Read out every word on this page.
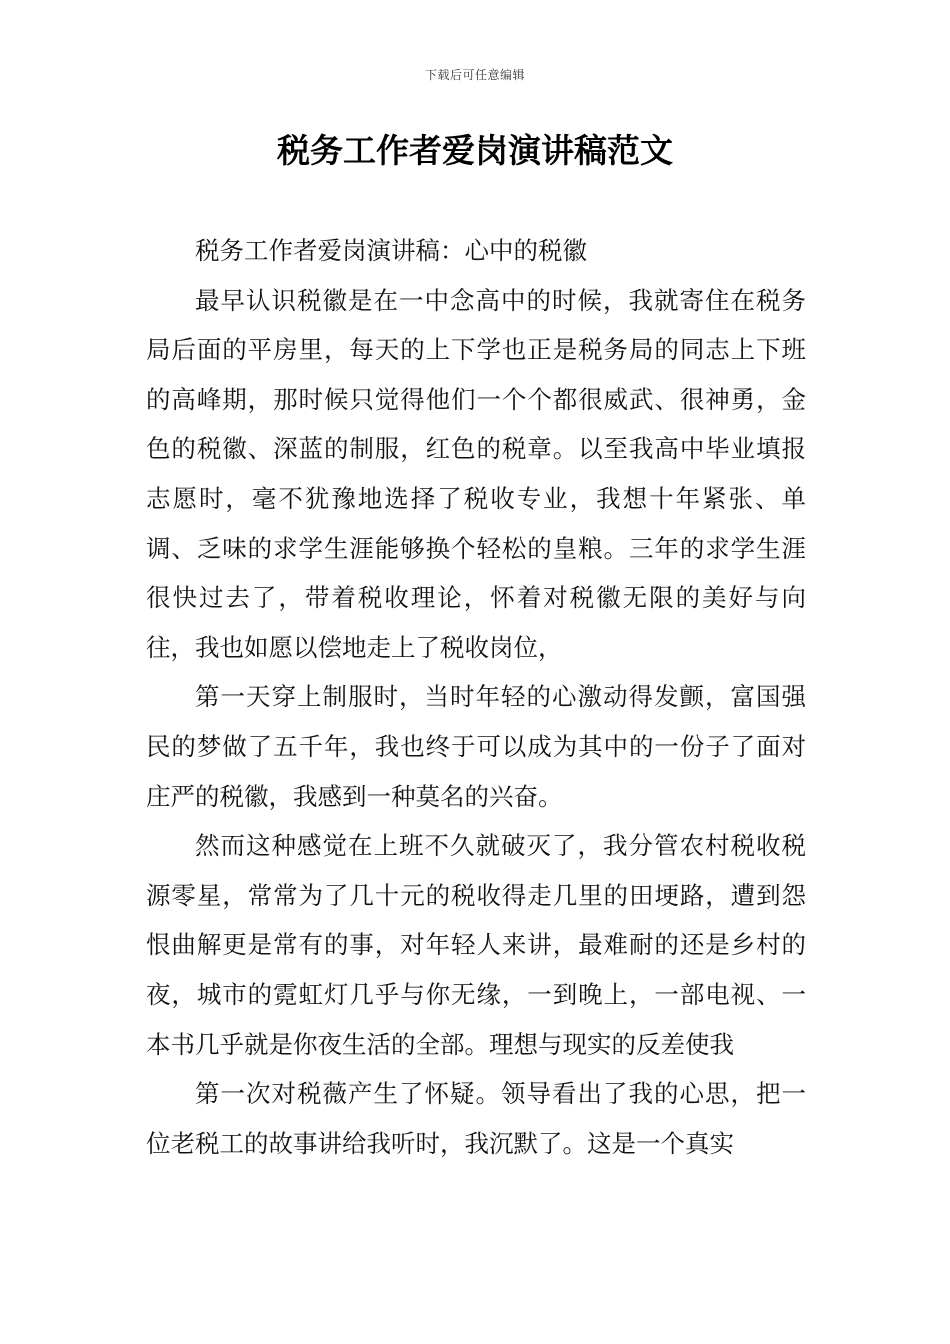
下载后可任意编辑
税务工作者爱岗演讲稿范文

税务工作者爱岗演讲稿：心中的税徽

最早认识税徽是在一中念高中的时候，我就寄住在税务局后面的平房里，每天的上下学也正是税务局的同志上下班的高峰期，那时候只觉得他们一个个都很威武、很神勇，金色的税徽、深蓝的制服，红色的税章。以至我高中毕业填报志愿时，毫不犹豫地选择了税收专业，我想十年紧张、单调、乏味的求学生涯能够换个轻松的皇粮。三年的求学生涯很快过去了，带着税收理论，怀着对税徽无限的美好与向往，我也如愿以偿地走上了税收岗位，

第一天穿上制服时，当时年轻的心激动得发颤，富国强民的梦做了五千年，我也终于可以成为其中的一份子了面对庄严的税徽，我感到一种莫名的兴奋。

然而这种感觉在上班不久就破灭了，我分管农村税收税源零星，常常为了几十元的税收得走几里的田埂路，遭到怨恨曲解更是常有的事，对年轻人来讲，最难耐的还是乡村的夜，城市的霓虹灯几乎与你无缘，一到晚上，一部电视、一本书几乎就是你夜生活的全部。理想与现实的反差使我

第一次对税薇产生了怀疑。领导看出了我的心思，把一位老税工的故事讲给我听时，我沉默了。这是一个真实
